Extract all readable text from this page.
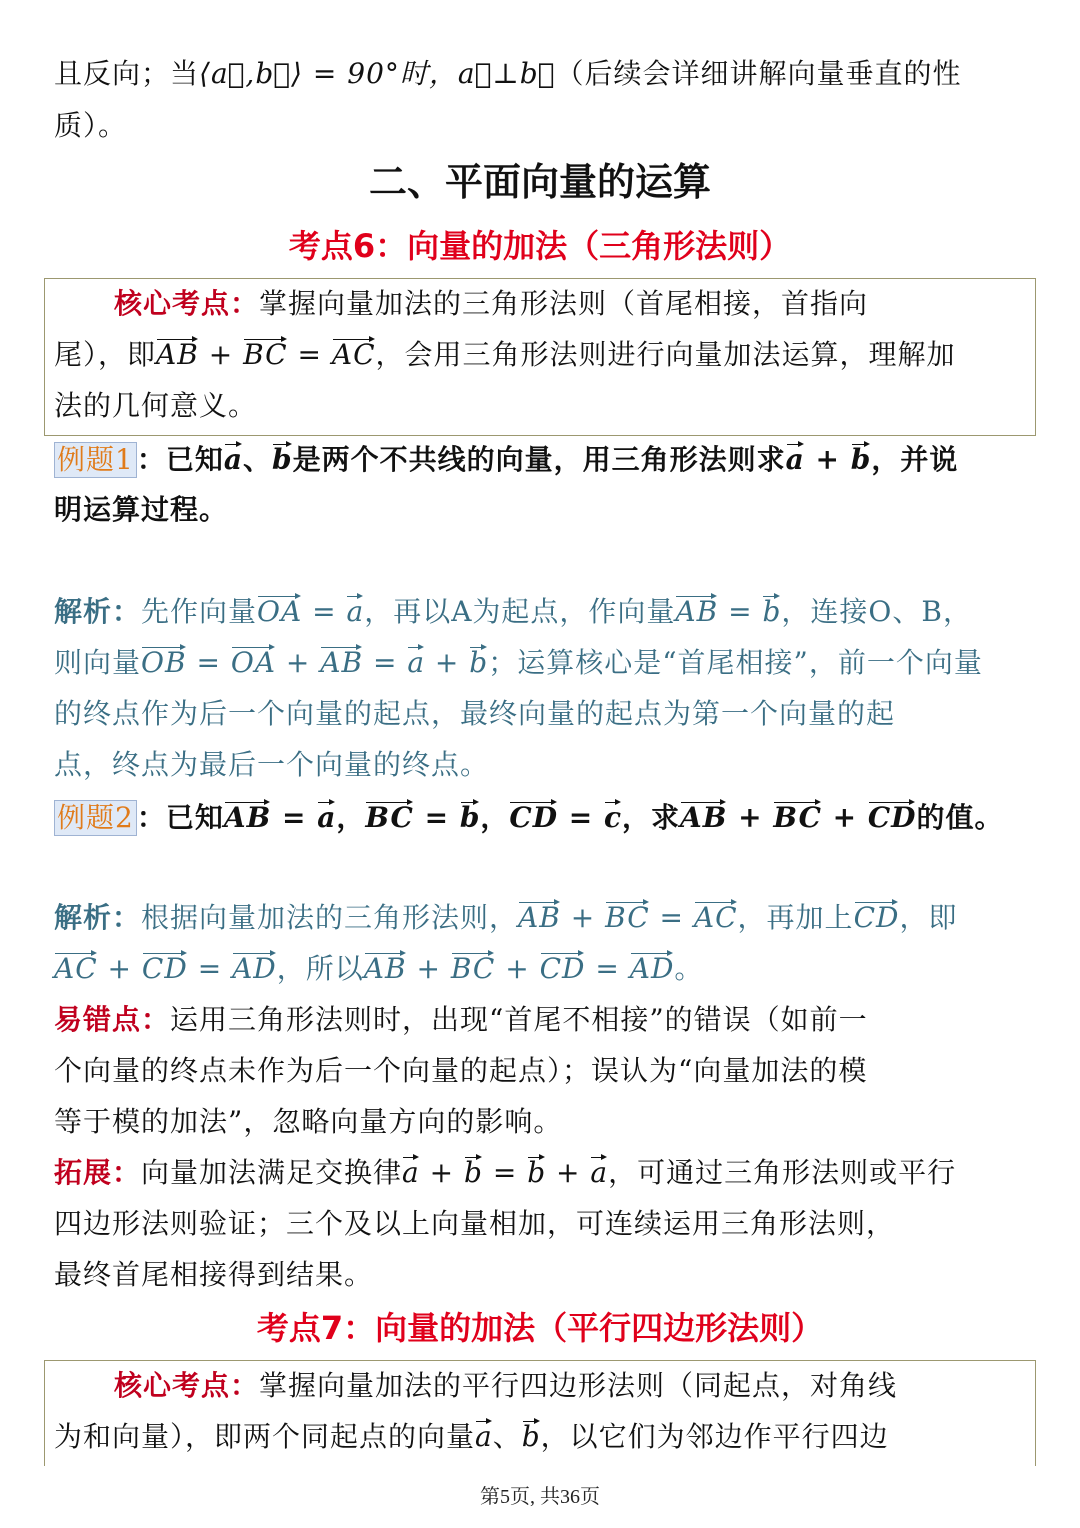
且反向；当⟨a⃗,b⃗⟩ = 90°时，a⃗⊥b⃗（后续会详细讲解向量垂直的性

质）。

二、平面向量的运算
考点6：向量的加法（三角形法则）

核心考点：掌握向量加法的三角形法则（首尾相接，首指向

尾），即AB + BC = AC，会用三角形法则进行向量加法运算，理解加

法的几何意义。

例题1 ：已知a、b是两个不共线的向量，用三角形法则求a + b，并说

明运算过程。

解析：先作向量OA = a，再以A为起点，作向量AB = b，连接O、B，

则向量OB = OA + AB = a + b；运算核心是“首尾相接”，前一个向量

的终点作为后一个向量的起点，最终向量的起点为第一个向量的起

点，终点为最后一个向量的终点。

例题2 ：已知AB = a，BC = b，CD = c，求AB + BC + CD的值。

解析：根据向量加法的三角形法则，AB + BC = AC，再加上CD，即

AC + CD = AD，所以AB + BC + CD = AD。

易错点：运用三角形法则时，出现“首尾不相接”的错误（如前一

个向量的终点未作为后一个向量的起点）；误认为“向量加法的模

等于模的加法”，忽略向量方向的影响。

拓展：向量加法满足交换律a + b = b + a，可通过三角形法则或平行

四边形法则验证；三个及以上向量相加，可连续运用三角形法则，

最终首尾相接得到结果。

考点7：向量的加法（平行四边形法则）

核心考点：掌握向量加法的平行四边形法则（同起点，对角线

为和向量），即两个同起点的向量a、b，以它们为邻边作平行四边

第5页, 共36页
